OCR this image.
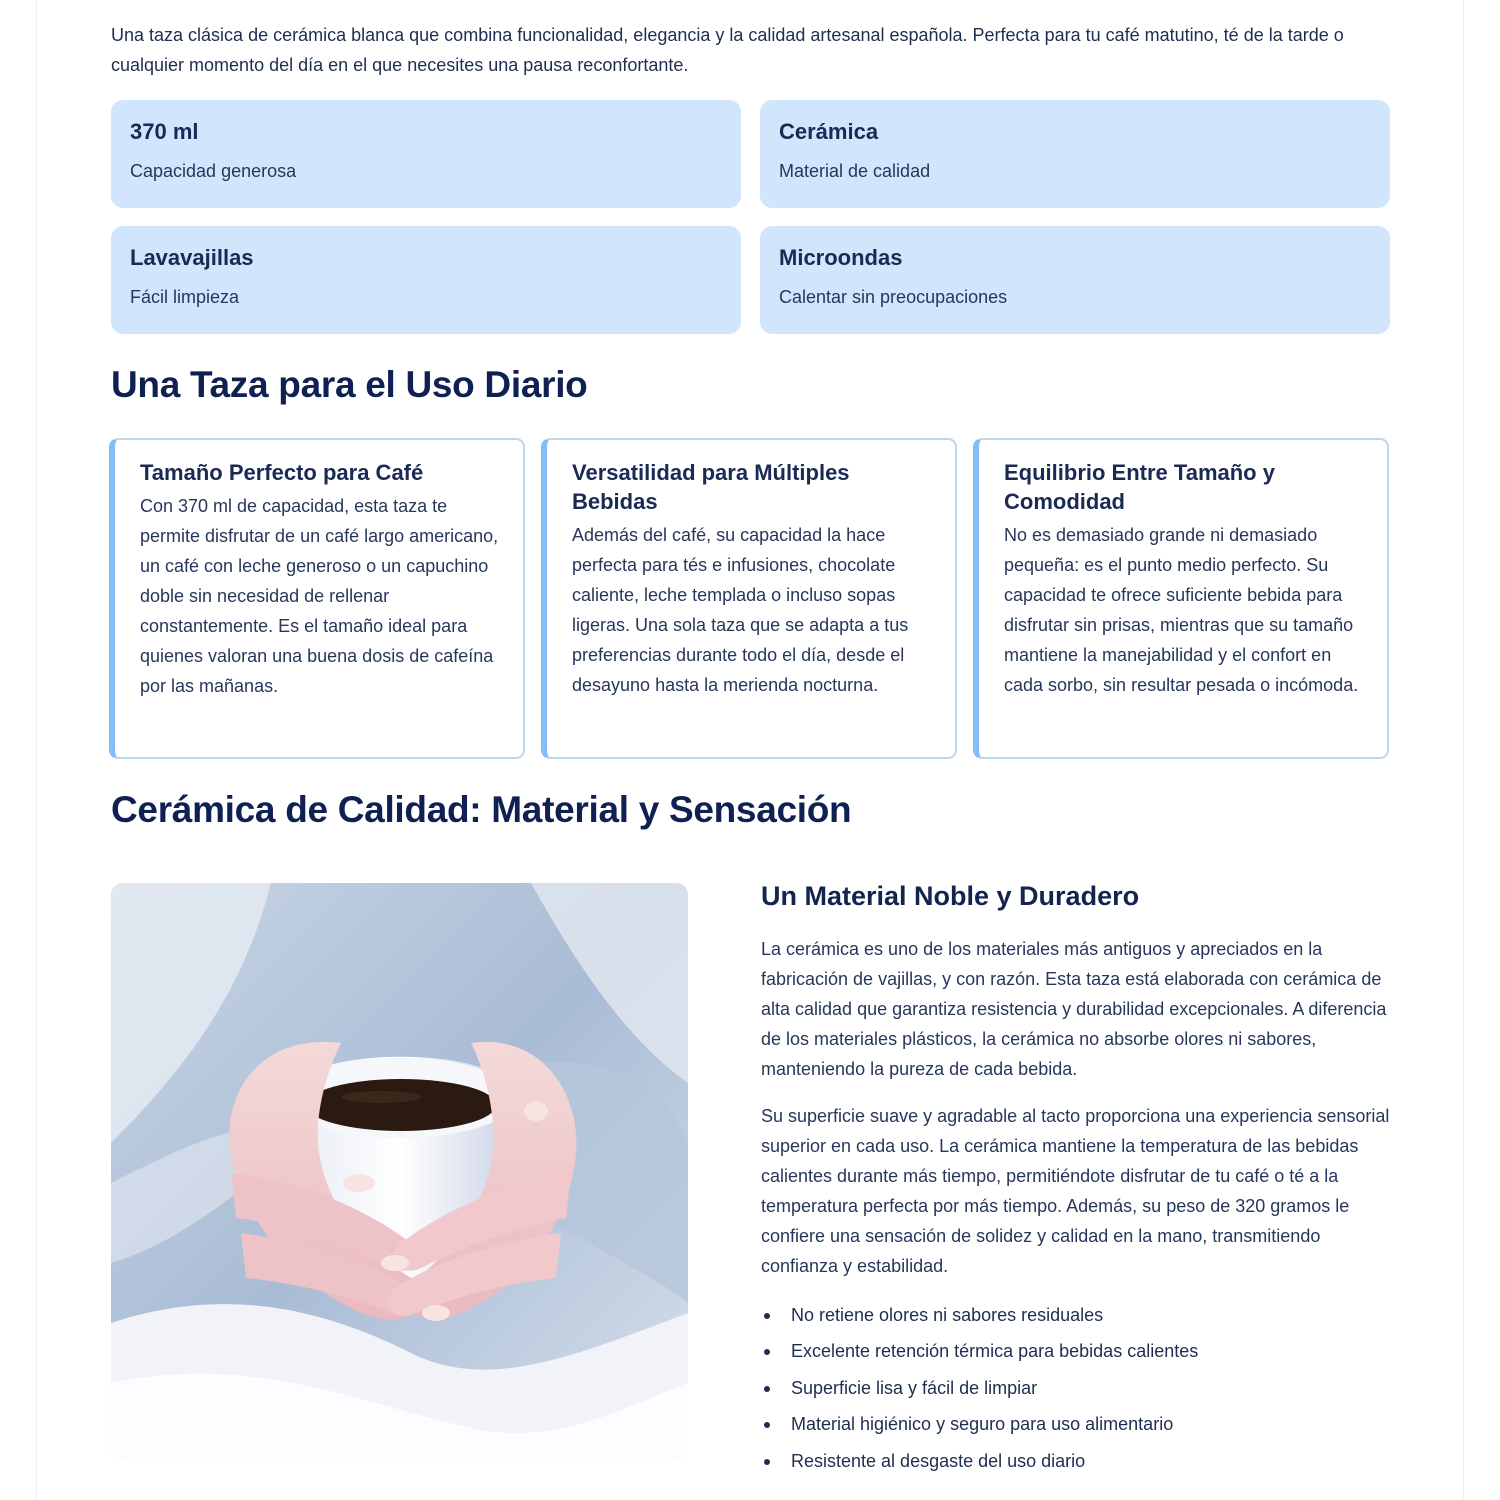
Una taza clásica de cerámica blanca que combina funcionalidad, elegancia y la calidad artesanal española. Perfecta para tu café matutino, té de la tarde o cualquier momento del día en el que necesites una pausa reconfortante.

370 ml
Capacidad generosa
Cerámica
Material de calidad
Lavavajillas
Fácil limpieza
Microondas
Calentar sin preocupaciones
Una Taza para el Uso Diario
Tamaño Perfecto para Café

Con 370 ml de capacidad, esta taza te permite disfrutar de un café largo americano, un café con leche generoso o un capuchino doble sin necesidad de rellenar constantemente. Es el tamaño ideal para quienes valoran una buena dosis de cafeína por las mañanas.

Versatilidad para Múltiples Bebidas

Además del café, su capacidad la hace perfecta para tés e infusiones, chocolate caliente, leche templada o incluso sopas ligeras. Una sola taza que se adapta a tus preferencias durante todo el día, desde el desayuno hasta la merienda nocturna.

Equilibrio Entre Tamaño y Comodidad

No es demasiado grande ni demasiado pequeña: es el punto medio perfecto. Su capacidad te ofrece suficiente bebida para disfrutar sin prisas, mientras que su tamaño mantiene la manejabilidad y el confort en cada sorbo, sin resultar pesada o incómoda.

Cerámica de Calidad: Material y Sensación
Un Material Noble y Duradero

La cerámica es uno de los materiales más antiguos y apreciados en la fabricación de vajillas, y con razón. Esta taza está elaborada con cerámica de alta calidad que garantiza resistencia y durabilidad excepcionales. A diferencia de los materiales plásticos, la cerámica no absorbe olores ni sabores, manteniendo la pureza de cada bebida.

Su superficie suave y agradable al tacto proporciona una experiencia sensorial superior en cada uso. La cerámica mantiene la temperatura de las bebidas calientes durante más tiempo, permitiéndote disfrutar de tu café o té a la temperatura perfecta por más tiempo. Además, su peso de 320 gramos le confiere una sensación de solidez y calidad en la mano, transmitiendo confianza y estabilidad.

No retiene olores ni sabores residuales
Excelente retención térmica para bebidas calientes
Superficie lisa y fácil de limpiar
Material higiénico y seguro para uso alimentario
Resistente al desgaste del uso diario
